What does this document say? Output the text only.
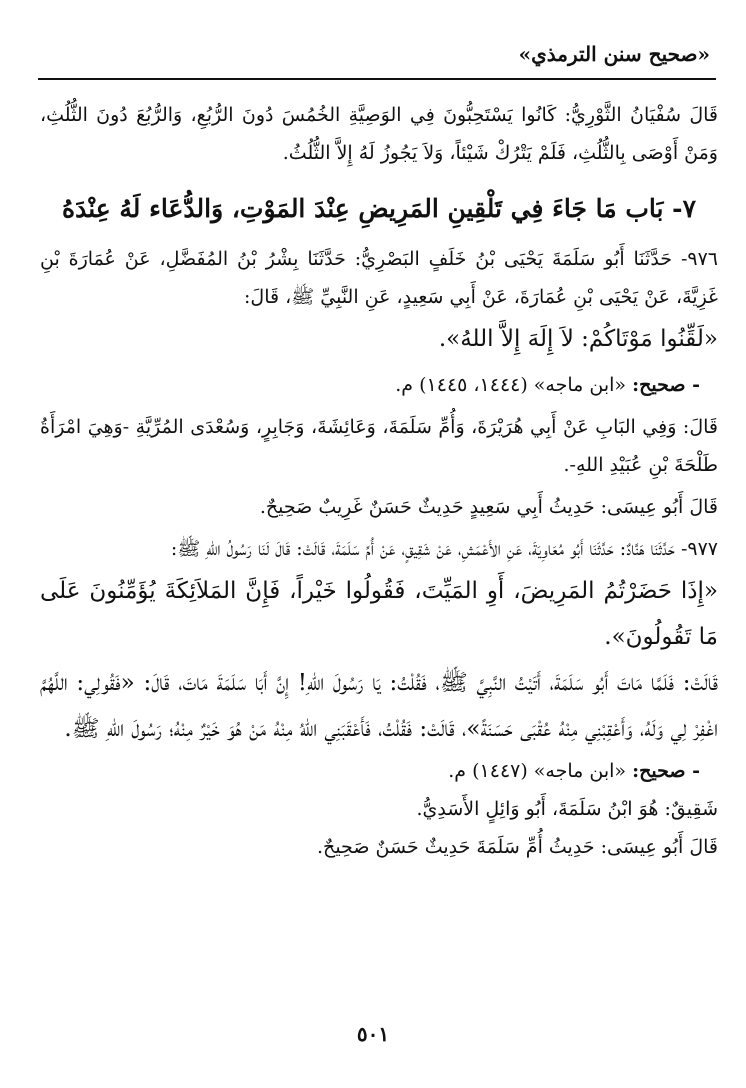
«صحيح سنن الترمذي»

قَالَ سُفْيَانُ الثَّوْرِيُّ: كَانُوا يَسْتَحِبُّونَ فِي الوَصِيَّةِ الخُمُسَ دُونَ الرُّبُعِ، وَالرُّبُعَ دُونَ الثُّلُثِ، وَمَنْ أَوْصَى بِالثُّلُثِ، فَلَمْ يَتْرُكْ شَيْئاً، وَلاَ يَجُوزُ لَهُ إِلاَّ الثُّلُثُ.

٧- بَاب مَا جَاءَ فِي تَلْقِينِ المَرِيضِ عِنْدَ المَوْتِ، وَالدُّعَاء لَهُ عِنْدَهُ

٩٧٦- حَدَّثَنَا أَبُو سَلَمَةَ يَحْيَى بْنُ خَلَفٍ البَصْرِيُّ: حَدَّثَنَا بِشْرُ بْنُ المُفَضَّلِ، عَنْ عُمَارَةَ بْنِ غَزِيَّةَ، عَنْ يَحْيَى بْنِ عُمَارَةَ، عَنْ أَبِي سَعِيدٍ، عَنِ النَّبِيِّ ﷺ، قَالَ:

«لَقِّنُوا مَوْتَاكُمْ: لاَ إِلَهَ إِلاَّ اللهُ».

- صحيح: «ابن ماجه» (١٤٤٤، ١٤٤٥) م.

قَالَ: وَفِي البَابِ عَنْ أَبِي هُرَيْرَةَ، وَأُمِّ سَلَمَةَ، وَعَائِشَةَ، وَجَابِرٍ، وَسُعْدَى المُرِّيَّةِ -وَهِيَ امْرَأَةُ طَلْحَةَ بْنِ عُبَيْدِ اللهِ-.

قَالَ أَبُو عِيسَى: حَدِيثُ أَبِي سَعِيدٍ حَدِيثٌ حَسَنٌ غَرِيبٌ صَحِيحٌ.

٩٧٧- حَدَّثَنَا هَنَّادٌ: حَدَّثَنَا أَبُو مُعَاوِيَةَ، عَنِ الأَعْمَشِ، عَنْ شَقِيقٍ، عَنْ أُمِّ سَلَمَةَ، قَالَتْ: قَالَ لَنَا رَسُولُ اللهِ ﷺ:

«إِذَا حَضَرْتُمُ المَرِيضَ، أَوِ المَيِّتَ، فَقُولُوا خَيْراً، فَإِنَّ المَلاَئِكَةَ يُؤَمِّنُونَ عَلَى مَا تَقُولُونَ».

قَالَتْ: فَلَمَّا مَاتَ أَبُو سَلَمَةَ، أَتَيْتُ النَّبِيَّ ﷺ، فَقُلْتُ: يَا رَسُولَ اللهِ! إِنَّ أَبَا سَلَمَةَ مَاتَ، قَالَ: «فَقُولِي: اللَّهُمَّ اغْفِرْ لِي وَلَهُ، وَأَعْقِبْنِي مِنْهُ عُقْبَى حَسَنَةً»، قَالَتْ: فَقُلْتُ، فَأَعْقَبَنِي اللهُ مِنْهُ مَنْ هُوَ خَيْرٌ مِنْهُ؛ رَسُولَ اللهِ ﷺ.

- صحيح: «ابن ماجه» (١٤٤٧) م.

شَقِيقٌ: هُوَ ابْنُ سَلَمَةَ، أَبُو وَائِلٍ الأَسَدِيُّ.

قَالَ أَبُو عِيسَى: حَدِيثُ أُمِّ سَلَمَةَ حَدِيثٌ حَسَنٌ صَحِيحٌ.

٥٠١
